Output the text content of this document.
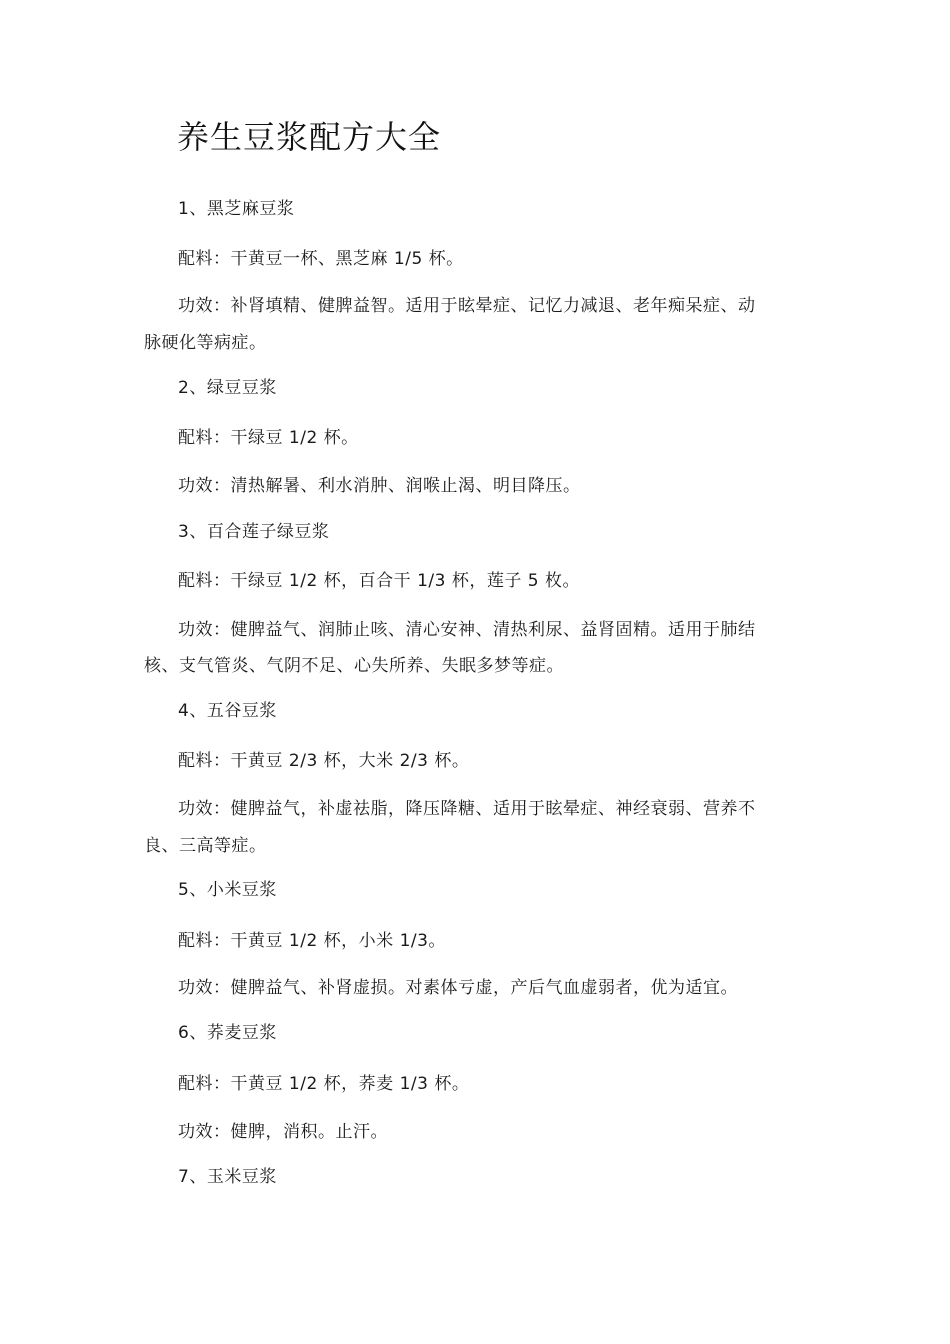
养生豆浆配方大全
1、黑芝麻豆浆
配料：干黄豆一杯、黑芝麻 1/5 杯。
功效：补肾填精、健脾益智。适用于眩晕症、记忆力减退、老年痴呆症、动
脉硬化等病症。
2、绿豆豆浆
配料：干绿豆 1/2 杯。
功效：清热解暑、利水消肿、润喉止渴、明目降压。
3、百合莲子绿豆浆
配料：干绿豆 1/2 杯，百合干 1/3 杯，莲子 5 枚。
功效：健脾益气、润肺止咳、清心安神、清热利尿、益肾固精。适用于肺结
核、支气管炎、气阴不足、心失所养、失眠多梦等症。
4、五谷豆浆
配料：干黄豆 2/3 杯，大米 2/3 杯。
功效：健脾益气，补虚祛脂，降压降糖、适用于眩晕症、神经衰弱、营养不
良、三高等症。
5、小米豆浆
配料：干黄豆 1/2 杯，小米 1/3。
功效：健脾益气、补肾虚损。对素体亏虚，产后气血虚弱者，优为适宜。
6、荞麦豆浆
配料：干黄豆 1/2 杯，荞麦 1/3 杯。
功效：健脾，消积。止汗。
7、玉米豆浆
